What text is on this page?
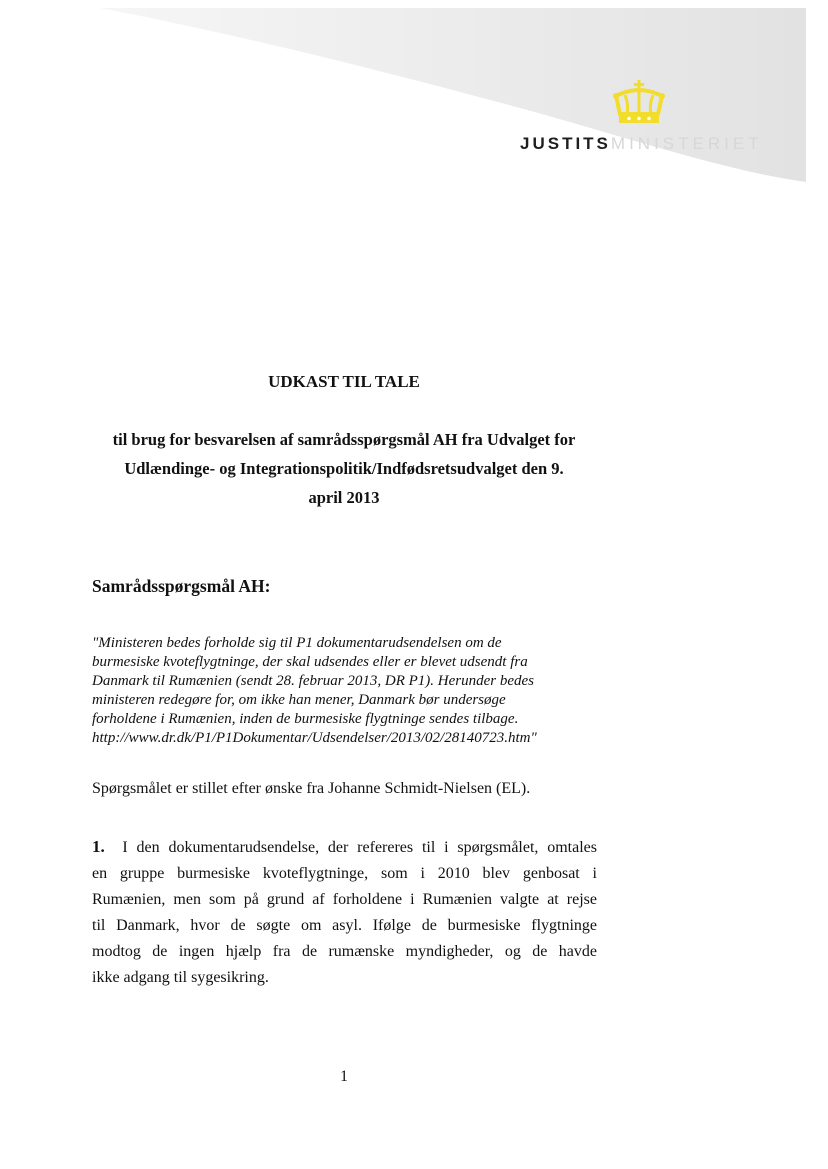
JUSTITSMINISTERIET
UDKAST TIL TALE
til brug for besvarelsen af samrådsspørgsmål AH fra Udvalget for
Udlændinge- og Integrationspolitik/Indfødsretsudvalget den 9.
april 2013
Samrådsspørgsmål AH:
"Ministeren bedes forholde sig til P1 dokumentarudsendelsen om de
burmesiske kvoteflygtninge, der skal udsendes eller er blevet udsendt fra
Danmark til Rumænien (sendt 28. februar 2013, DR P1). Herunder bedes
ministeren redegøre for, om ikke han mener, Danmark bør undersøge
forholdene i Rumænien, inden de burmesiske flygtninge sendes tilbage.
http://www.dr.dk/P1/P1Dokumentar/Udsendelser/2013/02/28140723.htm"

Spørgsmålet er stillet efter ønske fra Johanne Schmidt-Nielsen (EL).

1. I den dokumentarudsendelse, der refereres til i spørgsmålet, omtales
en gruppe burmesiske kvoteflygtninge, som i 2010 blev genbosat i
Rumænien, men som på grund af forholdene i Rumænien valgte at rejse
til Danmark, hvor de søgte om asyl. Ifølge de burmesiske flygtninge
modtog de ingen hjælp fra de rumænske myndigheder, og de havde
ikke adgang til sygesikring.

1
